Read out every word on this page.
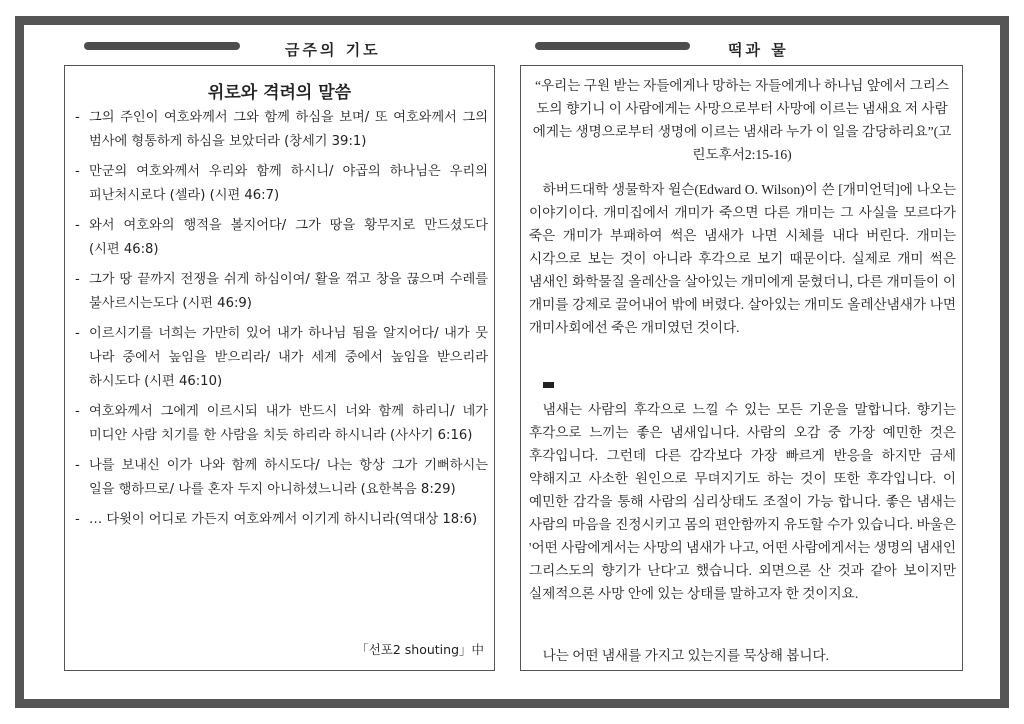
금주의 기도	떡과 물
위로와 격려의 말씀
- 그의 주인이 여호와께서 그와 함께 하심을 보며/ 또 여호와께서 그의 범사에 형통하게 하심을 보았더라 (창세기 39:1)
- 만군의 여호와께서 우리와 함께 하시니/ 야곱의 하나님은 우리의 피난처시로다 (셀라) (시편 46:7)
- 와서 여호와의 행적을 볼지어다/ 그가 땅을 황무지로 만드셨도다 (시편 46:8)
- 그가 땅 끝까지 전쟁을 쉬게 하심이여/ 활을 꺾고 창을 끊으며 수레를 불사르시는도다 (시편 46:9)
- 이르시기를 너희는 가만히 있어 내가 하나님 됨을 알지어다/ 내가 뭇 나라 중에서 높임을 받으리라/ 내가 세계 중에서 높임을 받으리라 하시도다 (시편 46:10)
- 여호와께서 그에게 이르시되 내가 반드시 너와 함께 하리니/ 네가 미디안 사람 치기를 한 사람을 치듯 하리라 하시니라 (사사기 6:16)
- 나를 보내신 이가 나와 함께 하시도다/ 나는 항상 그가 기뻐하시는 일을 행하므로/ 나를 혼자 두지 아니하셨느니라 (요한복음 8:29)
- … 다윗이 어디로 가든지 여호와께서 이기게 하시니라(역대상 18:6)
「선포2 shouting」中
“우리는 구원 받는 자들에게나 망하는 자들에게나 하나님 앞에서 그리스도의 향기니 이 사람에게는 사망으로부터 사망에 이르는 냄새요 저 사람에게는 생명으로부터 생명에 이르는 냄새라 누가 이 일을 감당하리요”(고린도후서2:15-16)
하버드대학 생물학자 윌슨(Edward O. Wilson)이 쓴 [개미언덕]에 나오는 이야기이다. 개미집에서 개미가 죽으면 다른 개미는 그 사실을 모르다가 죽은 개미가 부패하여 썩은 냄새가 나면 시체를 내다 버린다. 개미는 시각으로 보는 것이 아니라 후각으로 보기 때문이다. 실제로 개미 썩은 냄새인 화학물질 올레산을 살아있는 개미에게 묻혔더니, 다른 개미들이 이 개미를 강제로 끌어내어 밖에 버렸다. 살아있는 개미도 올레산냄새가 나면 개미사회에선 죽은 개미였던 것이다.
냄새는 사람의 후각으로 느낄 수 있는 모든 기운을 말합니다. 향기는 후각으로 느끼는 좋은 냄새입니다. 사람의 오감 중 가장 예민한 것은 후각입니다. 그런데 다른 감각보다 가장 빠르게 반응을 하지만 금세 약해지고 사소한 원인으로 무뎌지기도 하는 것이 또한 후각입니다. 이 예민한 감각을 통해 사람의 심리상태도 조절이 가능 합니다. 좋은 냄새는 사람의 마음을 진정시키고 몸의 편안함까지 유도할 수가 있습니다. 바울은 '어떤 사람에게서는 사망의 냄새가 나고, 어떤 사람에게서는 생명의 냄새인 그리스도의 향기가 난다'고 했습니다. 외면으론 산 것과 같아 보이지만 실제적으론 사망 안에 있는 상태를 말하고자 한 것이지요.
나는 어떤 냄새를 가지고 있는지를 묵상해 봅니다.
